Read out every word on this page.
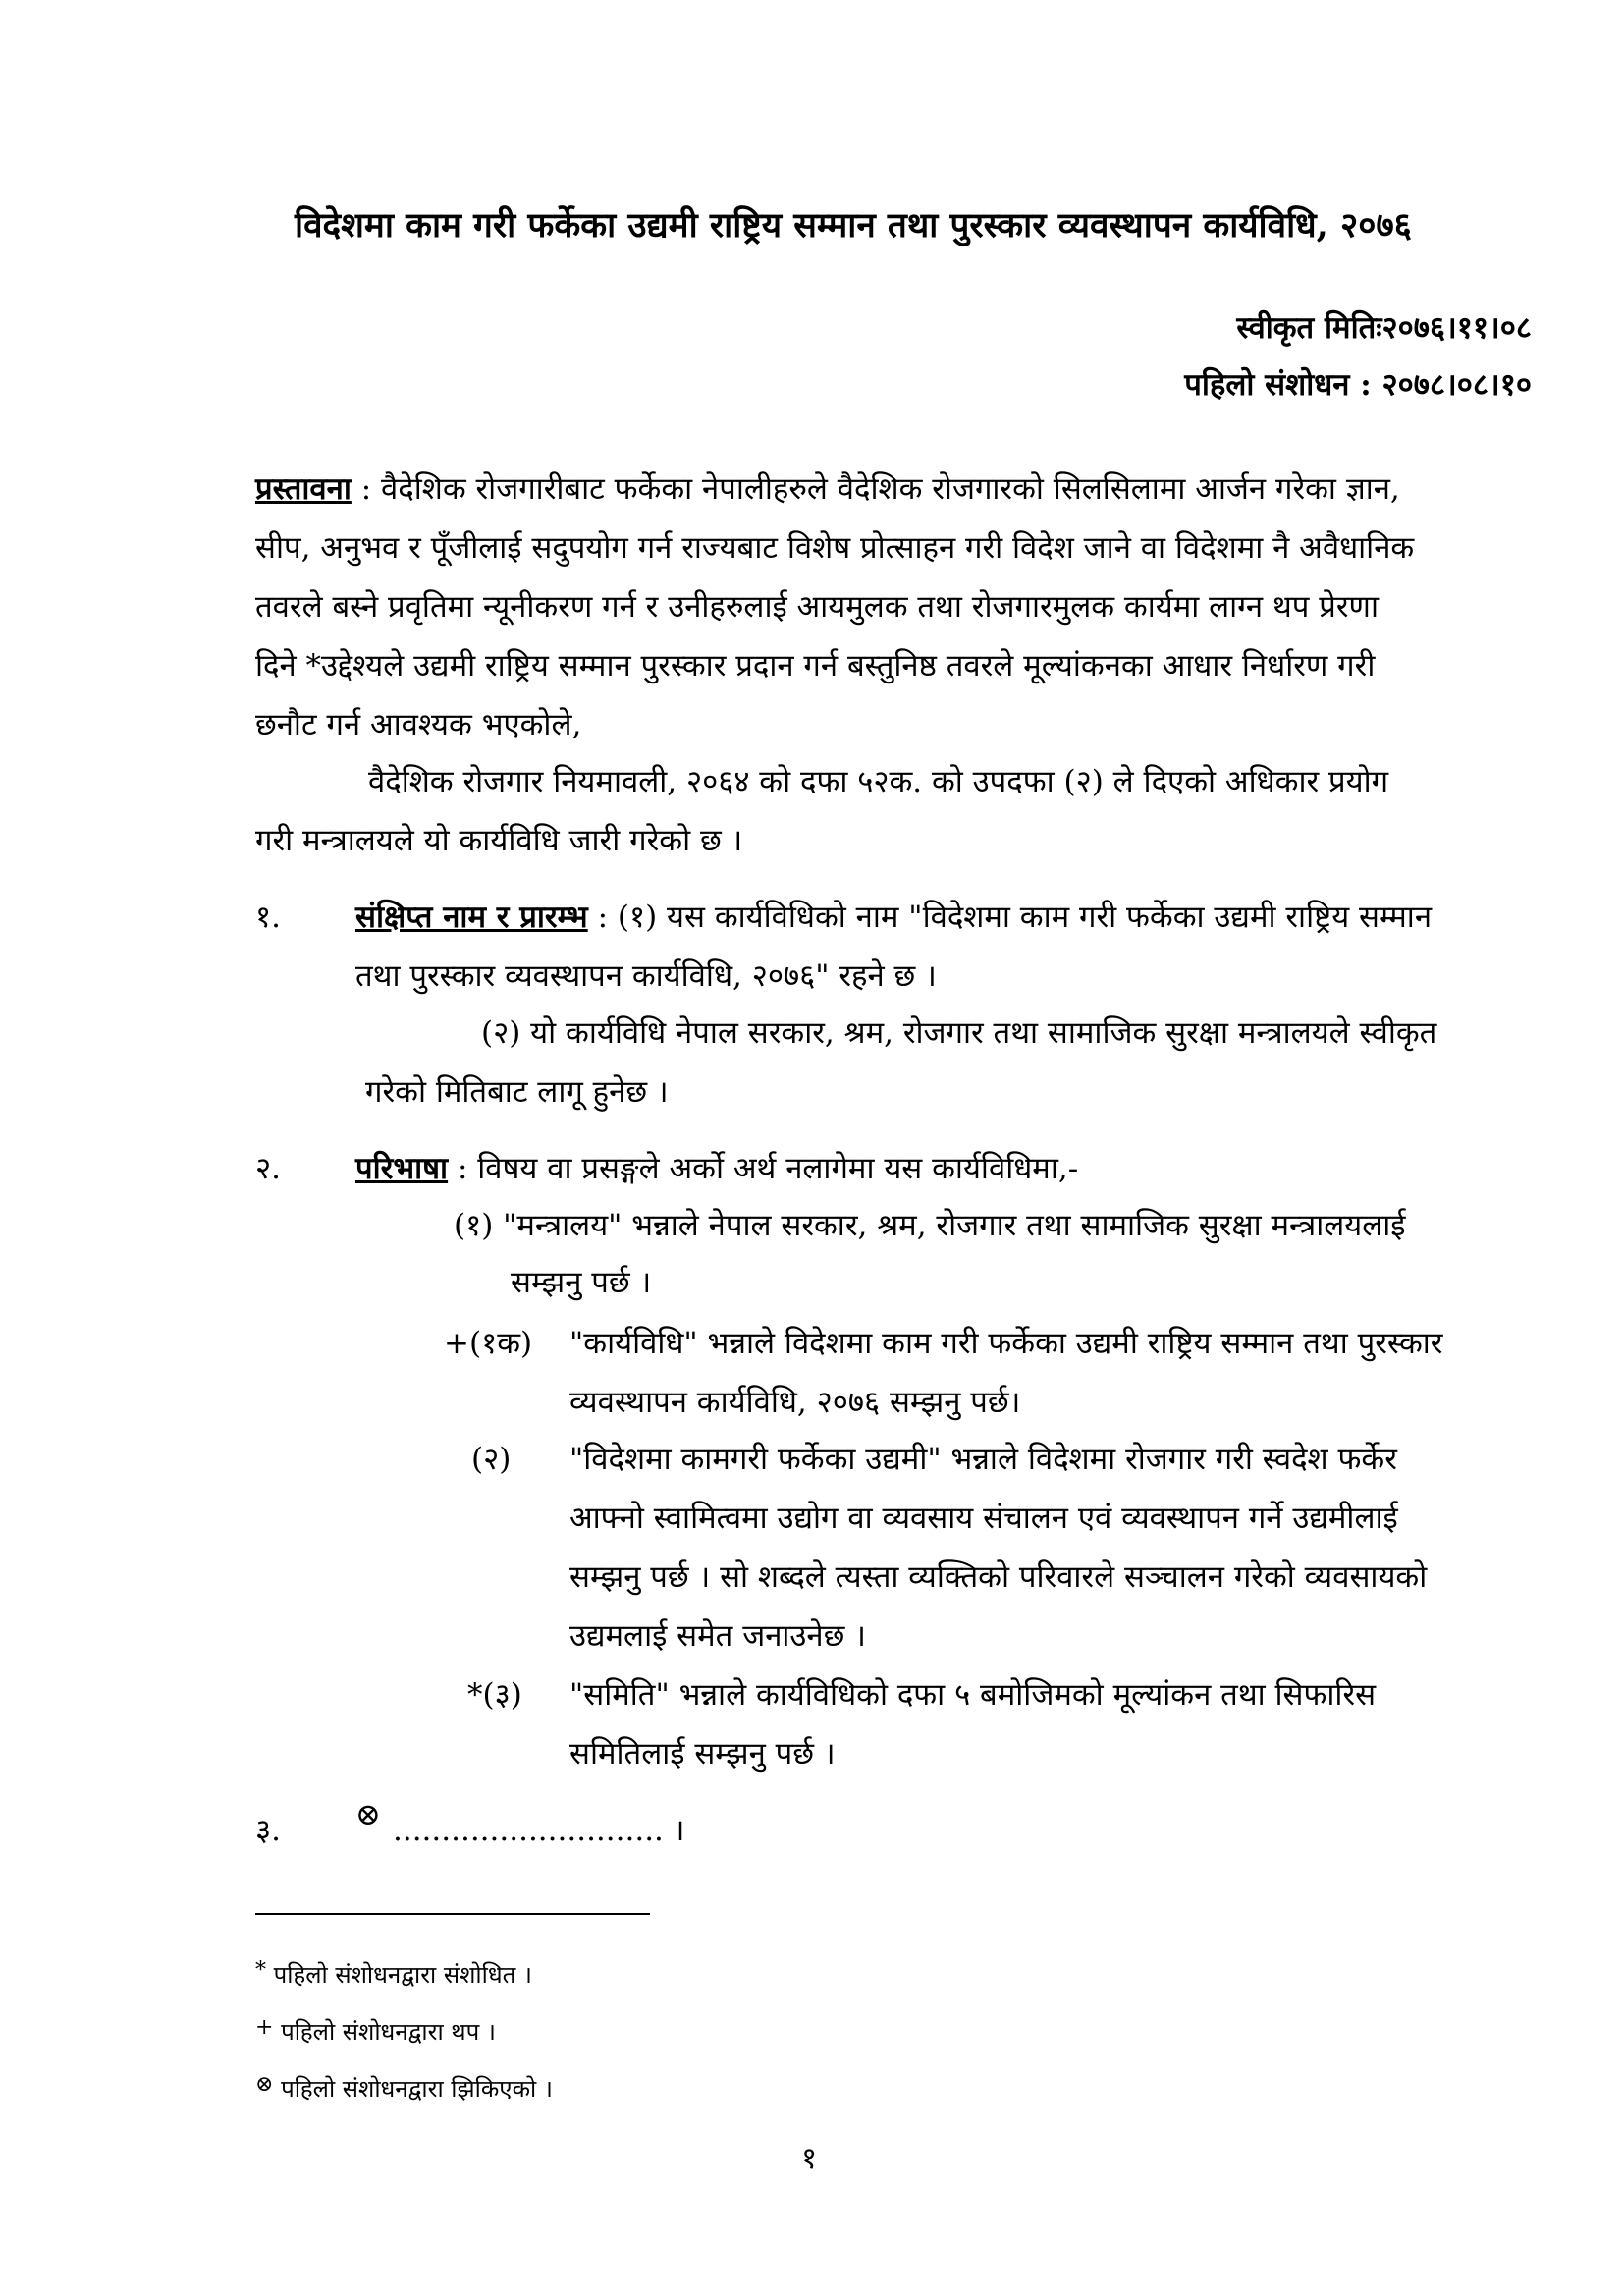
विदेशमा काम गरी फर्केका उद्यमी राष्ट्रिय सम्मान तथा पुरस्कार व्यवस्थापन कार्यविधि, २०७६
स्वीकृत मितिः२०७६।११।०८
पहिलो संशोधन : २०७८।०८।१०
प्रस्तावना : वैदेशिक रोजगारीबाट फर्केका नेपालीहरुले वैदेशिक रोजगारको सिलसिलामा आर्जन गरेका ज्ञान,
सीप, अनुभव र पूँजीलाई सदुपयोग गर्न राज्यबाट विशेष प्रोत्साहन गरी विदेश जाने वा विदेशमा नै अवैधानिक
तवरले बस्ने प्रवृतिमा न्यूनीकरण गर्न र उनीहरुलाई आयमुलक तथा रोजगारमुलक कार्यमा लाग्न थप प्रेरणा
दिने *उद्देश्यले उद्यमी राष्ट्रिय सम्मान पुरस्कार प्रदान गर्न बस्तुनिष्ठ तवरले मूल्यांकनका आधार निर्धारण गरी
छनौट गर्न आवश्यक भएकोले,
वैदेशिक रोजगार नियमावली, २०६४ को दफा ५२क. को उपदफा (२) ले दिएको अधिकार प्रयोग
गरी मन्त्रालयले यो कार्यविधि जारी गरेको छ ।
१. संक्षिप्त नाम र प्रारम्भ : (१) यस कार्यविधिको नाम "विदेशमा काम गरी फर्केका उद्यमी राष्ट्रिय सम्मान
तथा पुरस्कार व्यवस्थापन कार्यविधि, २०७६" रहने छ ।
(२) यो कार्यविधि नेपाल सरकार, श्रम, रोजगार तथा सामाजिक सुरक्षा मन्त्रालयले स्वीकृत
गरेको मितिबाट लागू हुनेछ ।
२. परिभाषा : विषय वा प्रसङ्गले अर्को अर्थ नलागेमा यस कार्यविधिमा,-
(१) "मन्त्रालय" भन्नाले नेपाल सरकार, श्रम, रोजगार तथा सामाजिक सुरक्षा मन्त्रालयलाई
सम्झनु पर्छ ।
+(१क) "कार्यविधि" भन्नाले विदेशमा काम गरी फर्केका उद्यमी राष्ट्रिय सम्मान तथा पुरस्कार
व्यवस्थापन कार्यविधि, २०७६ सम्झनु पर्छ।
(२) "विदेशमा कामगरी फर्केका उद्यमी" भन्नाले विदेशमा रोजगार गरी स्वदेश फर्केर
आफ्नो स्वामित्वमा उद्योग वा व्यवसाय संचालन एवं व्यवस्थापन गर्ने उद्यमीलाई
सम्झनु पर्छ । सो शब्दले त्यस्ता व्यक्तिको परिवारले सञ्चालन गरेको व्यवसायको
उद्यमलाई समेत जनाउनेछ ।
*(३) "समिति" भन्नाले कार्यविधिको दफा ५ बमोजिमको मूल्यांकन तथा सिफारिस
समितिलाई सम्झनु पर्छ ।
३. ⊗ ............................ ।
* पहिलो संशोधनद्वारा संशोधित ।
+ पहिलो संशोधनद्वारा थप ।
⊗ पहिलो संशोधनद्वारा झिकिएको ।
१
